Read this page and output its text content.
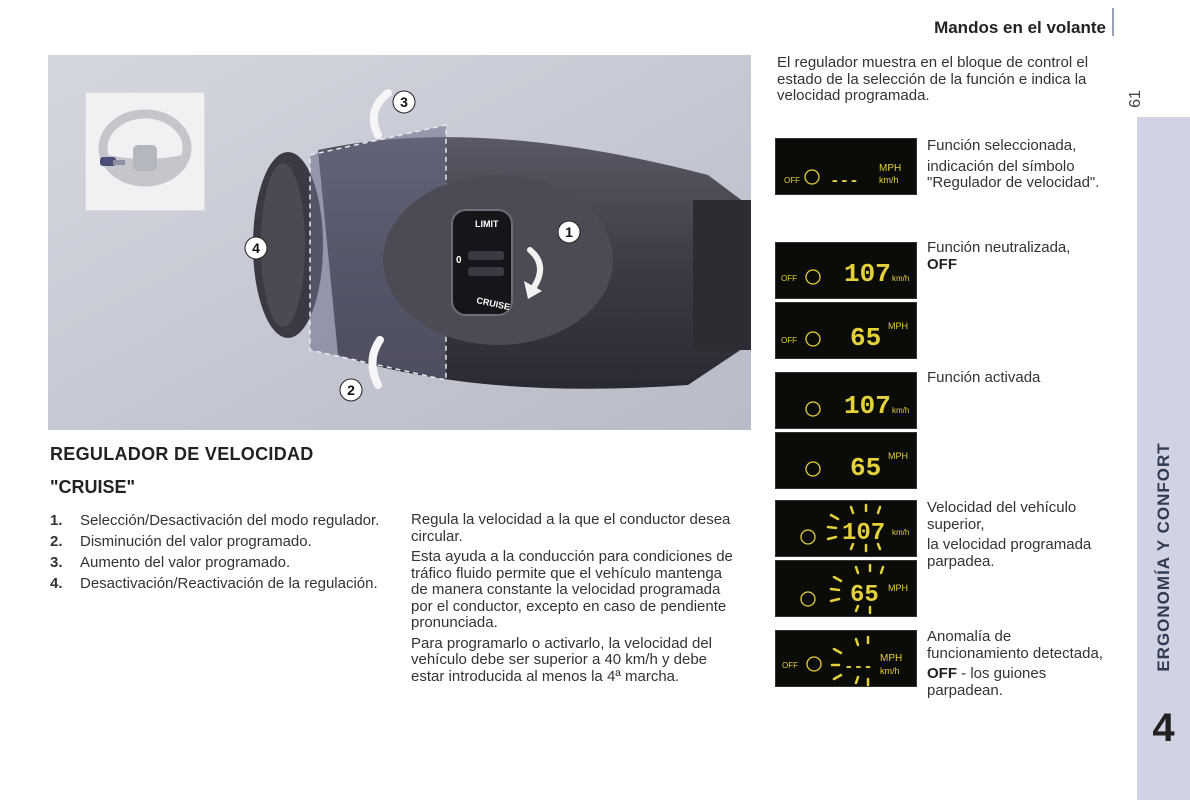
Mandos en el volante
61
ERGONOMÍA Y CONFORT
4
LIMIT
0
CRUISE
1
2
3
4
REGULADOR DE VELOCIDAD
"CRUISE"
1. Selección/Desactivación del modo regulador.
2. Disminución del valor programado.
3. Aumento del valor programado.
4. Desactivación/Reactivación de la regulación.

Regula la velocidad a la que el conductor desea circular.

Esta ayuda a la conducción para condiciones de tráfico fluido permite que el vehículo mantenga de manera constante la velocidad programada por el conductor, excepto en caso de pendiente pronunciada.

Para programarlo o activarlo, la velocidad del vehículo debe ser superior a 40 km/h y debe estar introducida al menos la 4ª marcha.

El regulador muestra en el bloque de control el estado de la selección de la función e indica la velocidad programada.
OFF ---
MPH
km/h
OFF 107 km/h
OFF 65 MPH
107 km/h
65 MPH
107 km/h
65 MPH
OFF	--- MPH
km/h
Función seleccionada,
indicación del símbolo "Regulador de velocidad".
Función neutralizada,
OFF
Función activada
Velocidad del vehículo superior,
la velocidad programada parpadea.
Anomalía de funcionamiento detectada,
OFF - los guiones parpadean.
